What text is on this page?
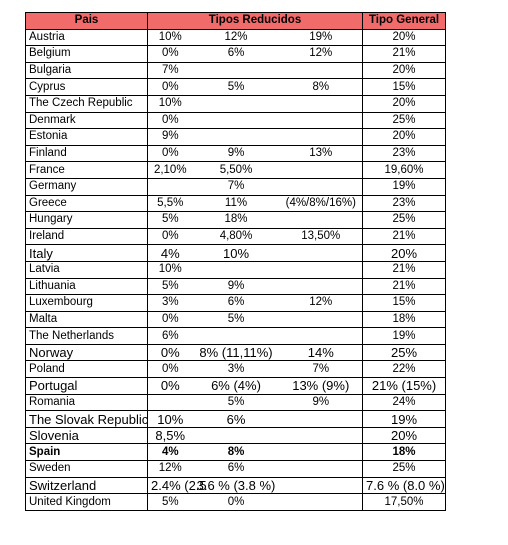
Pais	Tipos Reducidos			Tipo General
Austria	10%	12%	19%	20%
Belgium	0%	6%	12%	21%
Bulgaria	7%			20%
Cyprus	0%	5%	8%	15%
The Czech Republic	10%			20%
Denmark	0%			25%
Estonia	9%			20%
Finland	0%	9%	13%	23%
France	2,10%	5,50%		19,60%
Germany		7%		19%
Greece	5,5%	11%	(4%/8%/16%)	23%
Hungary	5%	18%		25%
Ireland	0%	4,80%	13,50%	21%
Italy	4%	10%		20%
Latvia	10%			21%
Lithuania	5%	9%		21%
Luxembourg	3%	6%	12%	15%
Malta	0%	5%		18%
The Netherlands	6%			19%
Norway	0%	8% (11,11%)	14%	25%
Poland	0%	3%	7%	22%
Portugal	0%	6% (4%)	13% (9%)	21% (15%)
Romania		5%	9%	24%
The Slovak Republic	10%	6%		19%
Slovenia	8,5%			20%
Spain	4%	8%		18%
Sweden	12%	6%		25%
Switzerland	2.4% (2.5	3.6 % (3.8 %)		7.6 % (8.0 %)
United Kingdom	5%	0%		17,50%
